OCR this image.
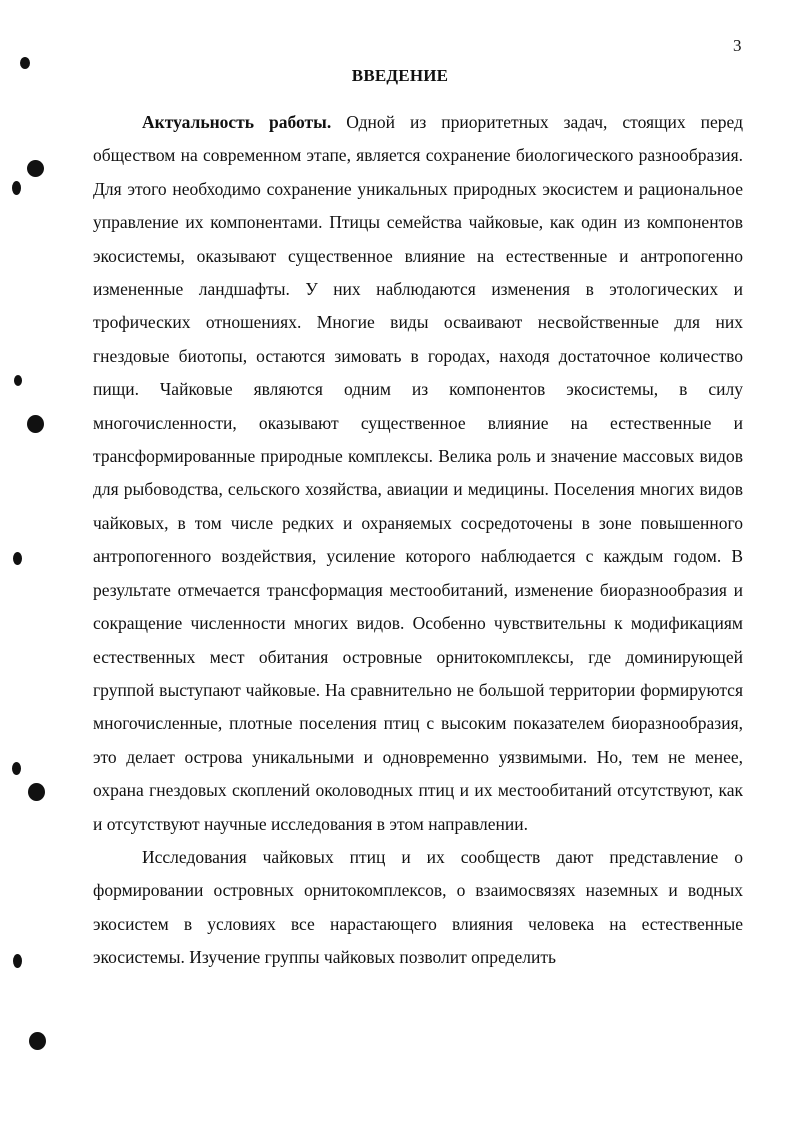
3
ВВЕДЕНИЕ

Актуальность работы. Одной из приоритетных задач, стоящих перед обществом на современном этапе, является сохранение биологического разнообразия. Для этого необходимо сохранение уникальных природных экосистем и рациональное управление их компонентами. Птицы семейства чайковые, как один из компонентов экосистемы, оказывают существенное влияние на естественные и антропогенно измененные ландшафты. У них наблюдаются изменения в этологических и трофических отношениях. Многие виды осваивают несвойственные для них гнездовые биотопы, остаются зимовать в городах, находя достаточное количество пищи. Чайковые являются одним из компонентов экосистемы, в силу многочисленности, оказывают существенное влияние на естественные и трансформированные природные комплексы. Велика роль и значение массовых видов для рыбоводства, сельского хозяйства, авиации и медицины. Поселения многих видов чайковых, в том числе редких и охраняемых сосредоточены в зоне повышенного антропогенного воздействия, усиление которого наблюдается с каждым годом. В результате отмечается трансформация местообитаний, изменение биоразнообразия и сокращение численности многих видов. Особенно чувствительны к модификациям естественных мест обитания островные орнитокомплексы, где доминирующей группой выступают чайковые. На сравнительно не большой территории формируются многочисленные, плотные поселения птиц с высоким показателем биоразнообразия, это делает острова уникальными и одновременно уязвимыми. Но, тем не менее, охрана гнездовых скоплений околоводных птиц и их местообитаний отсутствуют, как и отсутствуют научные исследования в этом направлении.

Исследования чайковых птиц и их сообществ дают представление о формировании островных орнитокомплексов, о взаимосвязях наземных и водных экосистем в условиях все нарастающего влияния человека на естественные экосистемы. Изучение группы чайковых позволит определить
